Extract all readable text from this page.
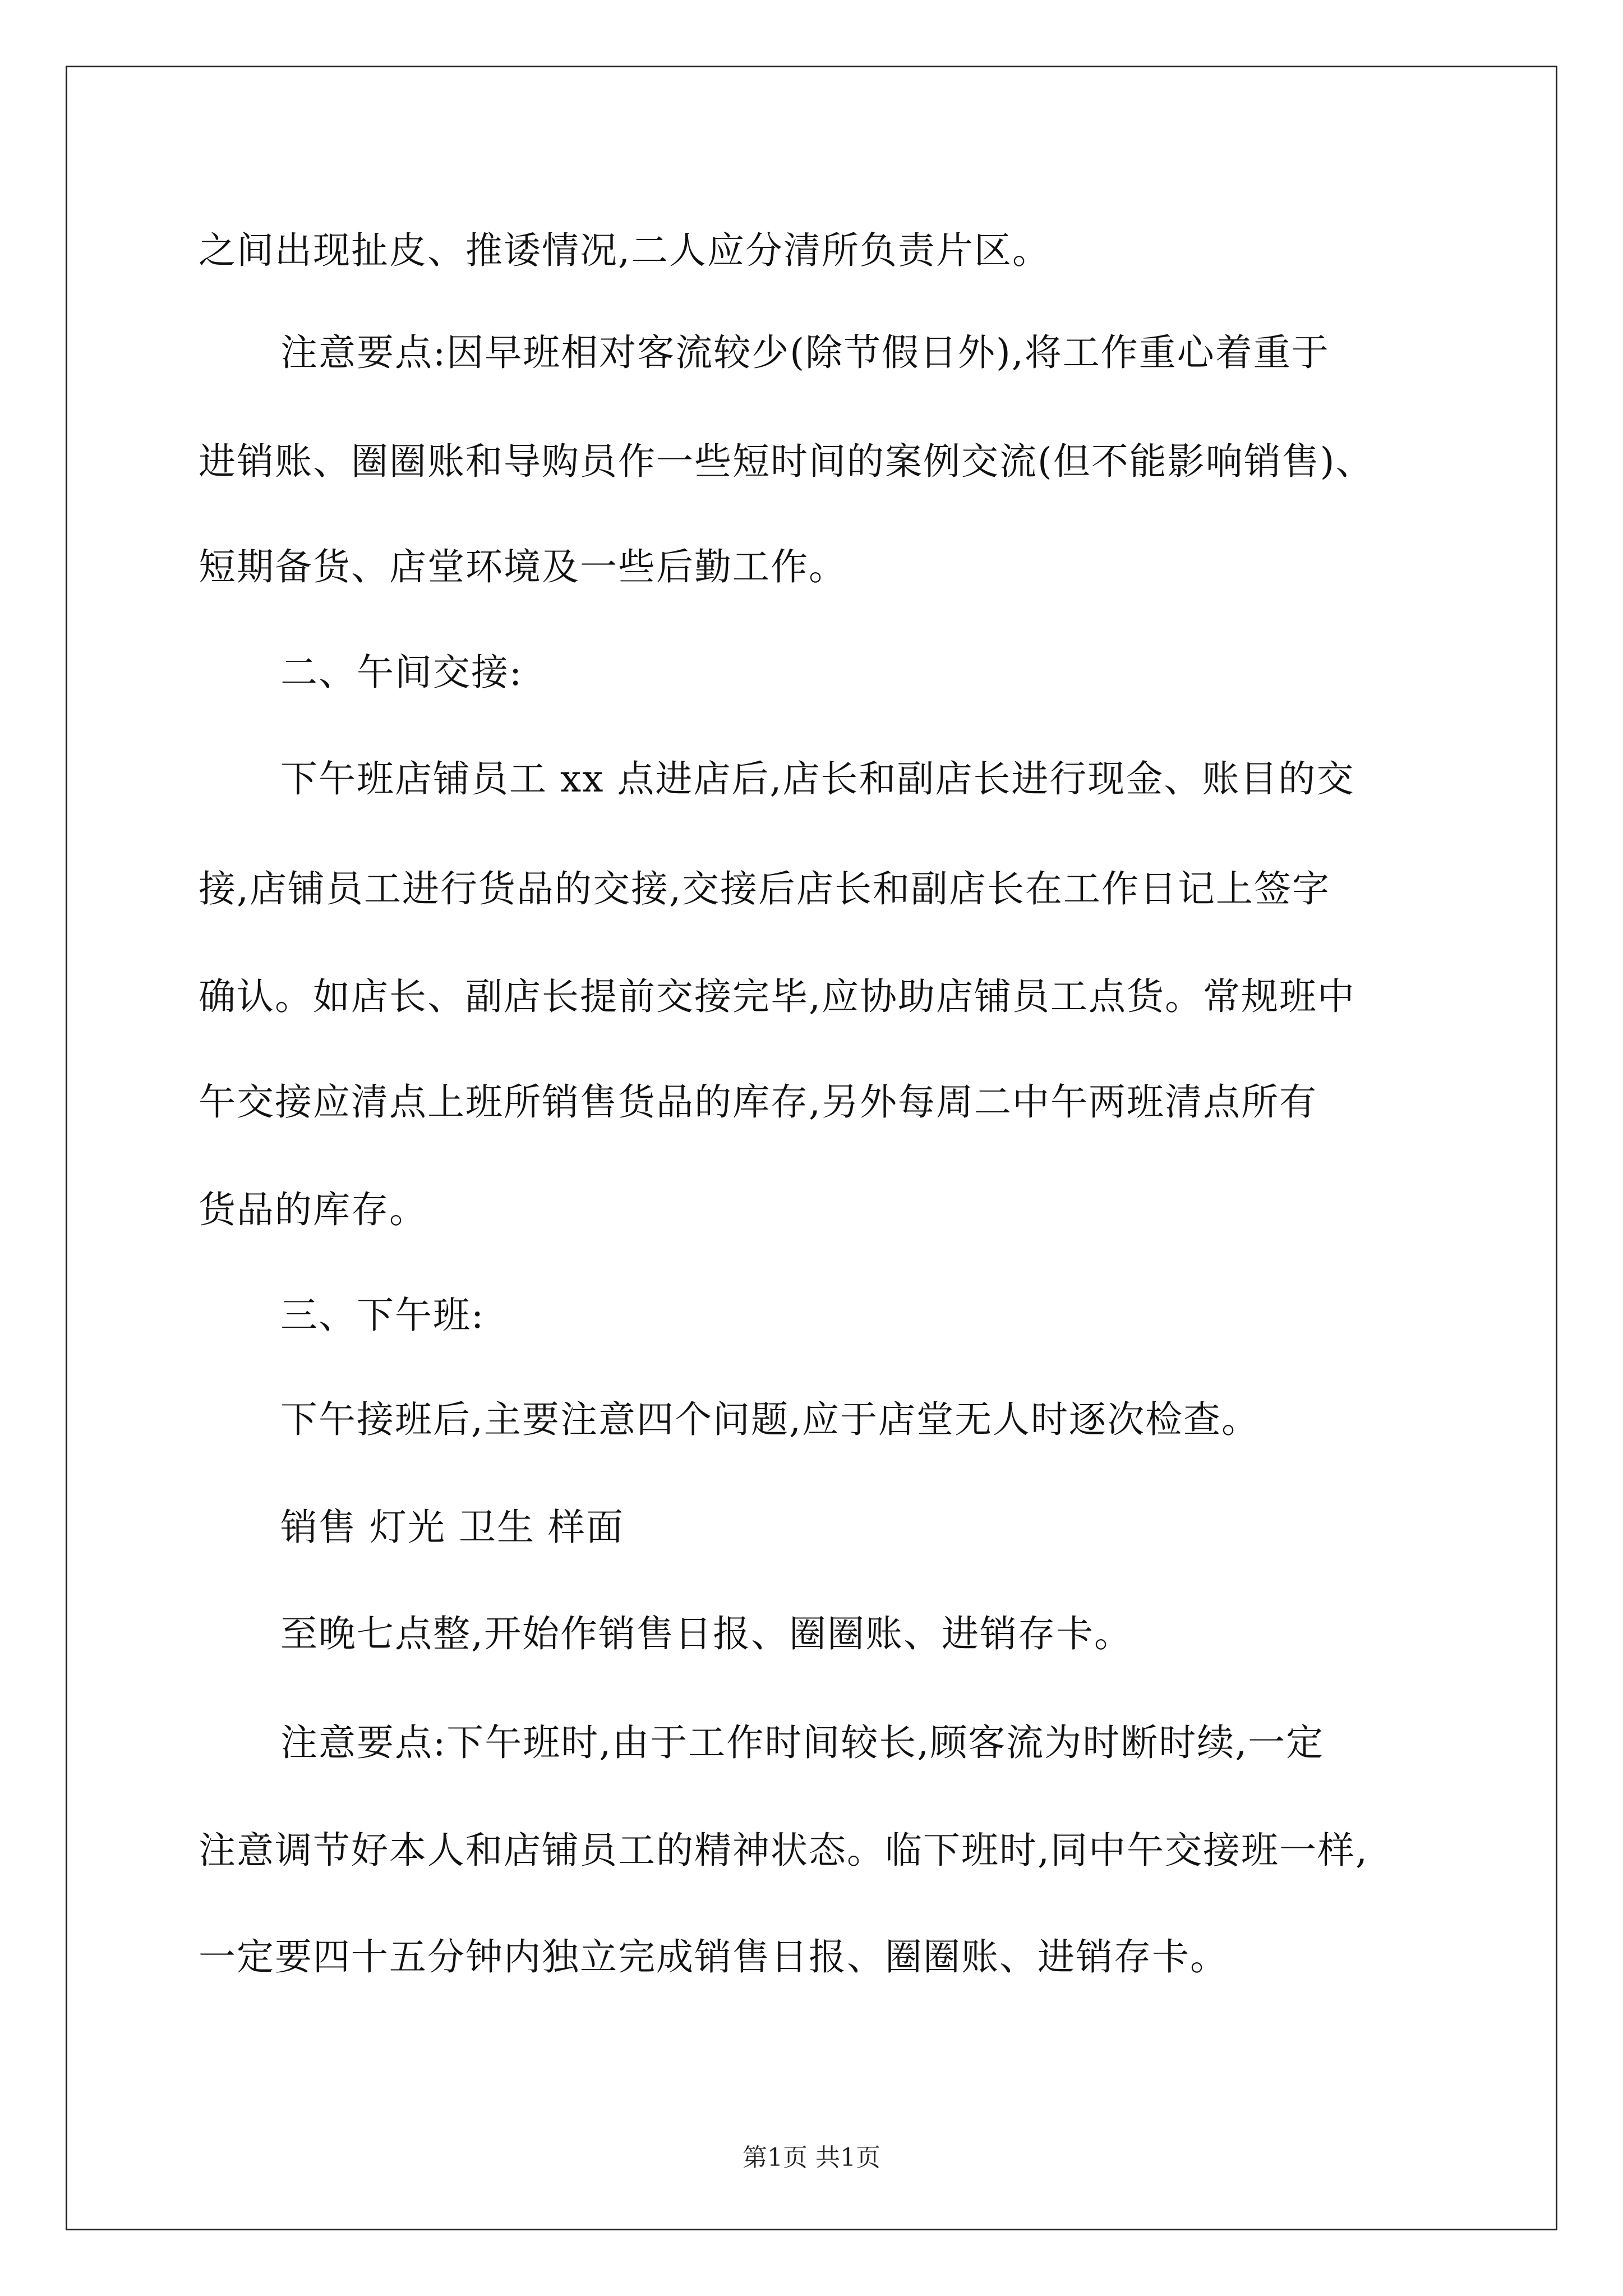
之间出现扯皮、推诿情况,二人应分清所负责片区。
注意要点:因早班相对客流较少(除节假日外),将工作重心着重于
进销账、圈圈账和导购员作一些短时间的案例交流(但不能影响销售)、
短期备货、店堂环境及一些后勤工作。
二、午间交接:
下午班店铺员工 xx 点进店后,店长和副店长进行现金、账目的交
接,店铺员工进行货品的交接,交接后店长和副店长在工作日记上签字
确认。如店长、副店长提前交接完毕,应协助店铺员工点货。常规班中
午交接应清点上班所销售货品的库存,另外每周二中午两班清点所有
货品的库存。
三、下午班:
下午接班后,主要注意四个问题,应于店堂无人时逐次检查。
销售 灯光 卫生 样面
至晚七点整,开始作销售日报、圈圈账、进销存卡。
注意要点:下午班时,由于工作时间较长,顾客流为时断时续,一定
注意调节好本人和店铺员工的精神状态。临下班时,同中午交接班一样,
一定要四十五分钟内独立完成销售日报、圈圈账、进销存卡。
第1页 共1页
